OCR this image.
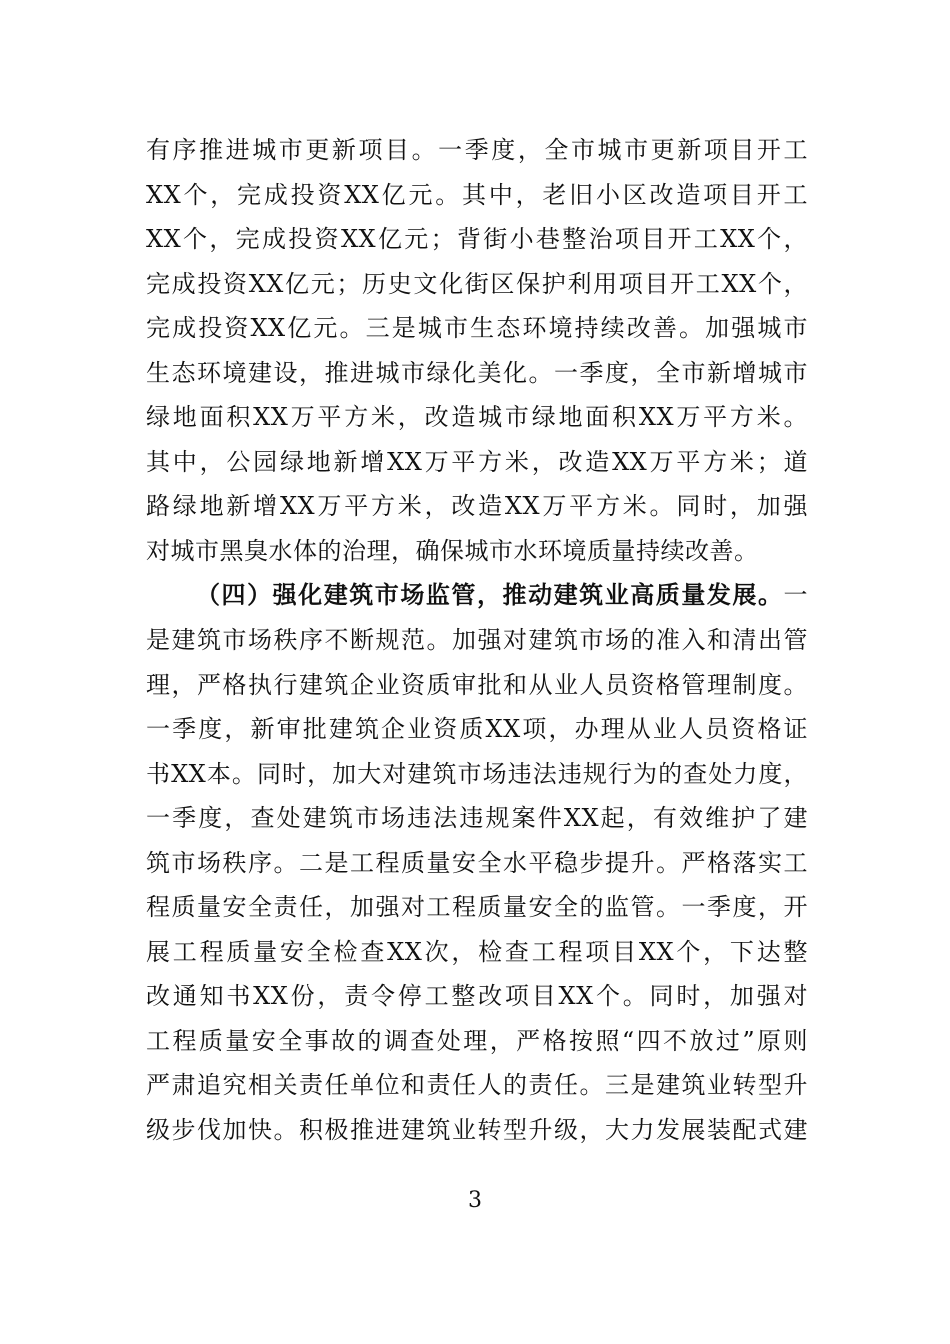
有序推进城市更新项目。一季度，全市城市更新项目开工
XX个，完成投资XX亿元。其中，老旧小区改造项目开工
XX个，完成投资XX亿元；背街小巷整治项目开工XX个，
完成投资XX亿元；历史文化街区保护利用项目开工XX个，
完成投资XX亿元。三是城市生态环境持续改善。加强城市
生态环境建设，推进城市绿化美化。一季度，全市新增城市
绿地面积XX万平方米，改造城市绿地面积XX万平方米。
其中，公园绿地新增XX万平方米，改造XX万平方米；道
路绿地新增XX万平方米，改造XX万平方米。同时，加强
对城市黑臭水体的治理，确保城市水环境质量持续改善。
（四）强化建筑市场监管，推动建筑业高质量发展。一
是建筑市场秩序不断规范。加强对建筑市场的准入和清出管
理，严格执行建筑企业资质审批和从业人员资格管理制度。
一季度，新审批建筑企业资质XX项，办理从业人员资格证
书XX本。同时，加大对建筑市场违法违规行为的查处力度，
一季度，查处建筑市场违法违规案件XX起，有效维护了建
筑市场秩序。二是工程质量安全水平稳步提升。严格落实工
程质量安全责任，加强对工程质量安全的监管。一季度，开
展工程质量安全检查XX次，检查工程项目XX个，下达整
改通知书XX份，责令停工整改项目XX个。同时，加强对
工程质量安全事故的调查处理，严格按照“四不放过”原则
严肃追究相关责任单位和责任人的责任。三是建筑业转型升
级步伐加快。积极推进建筑业转型升级，大力发展装配式建
3
